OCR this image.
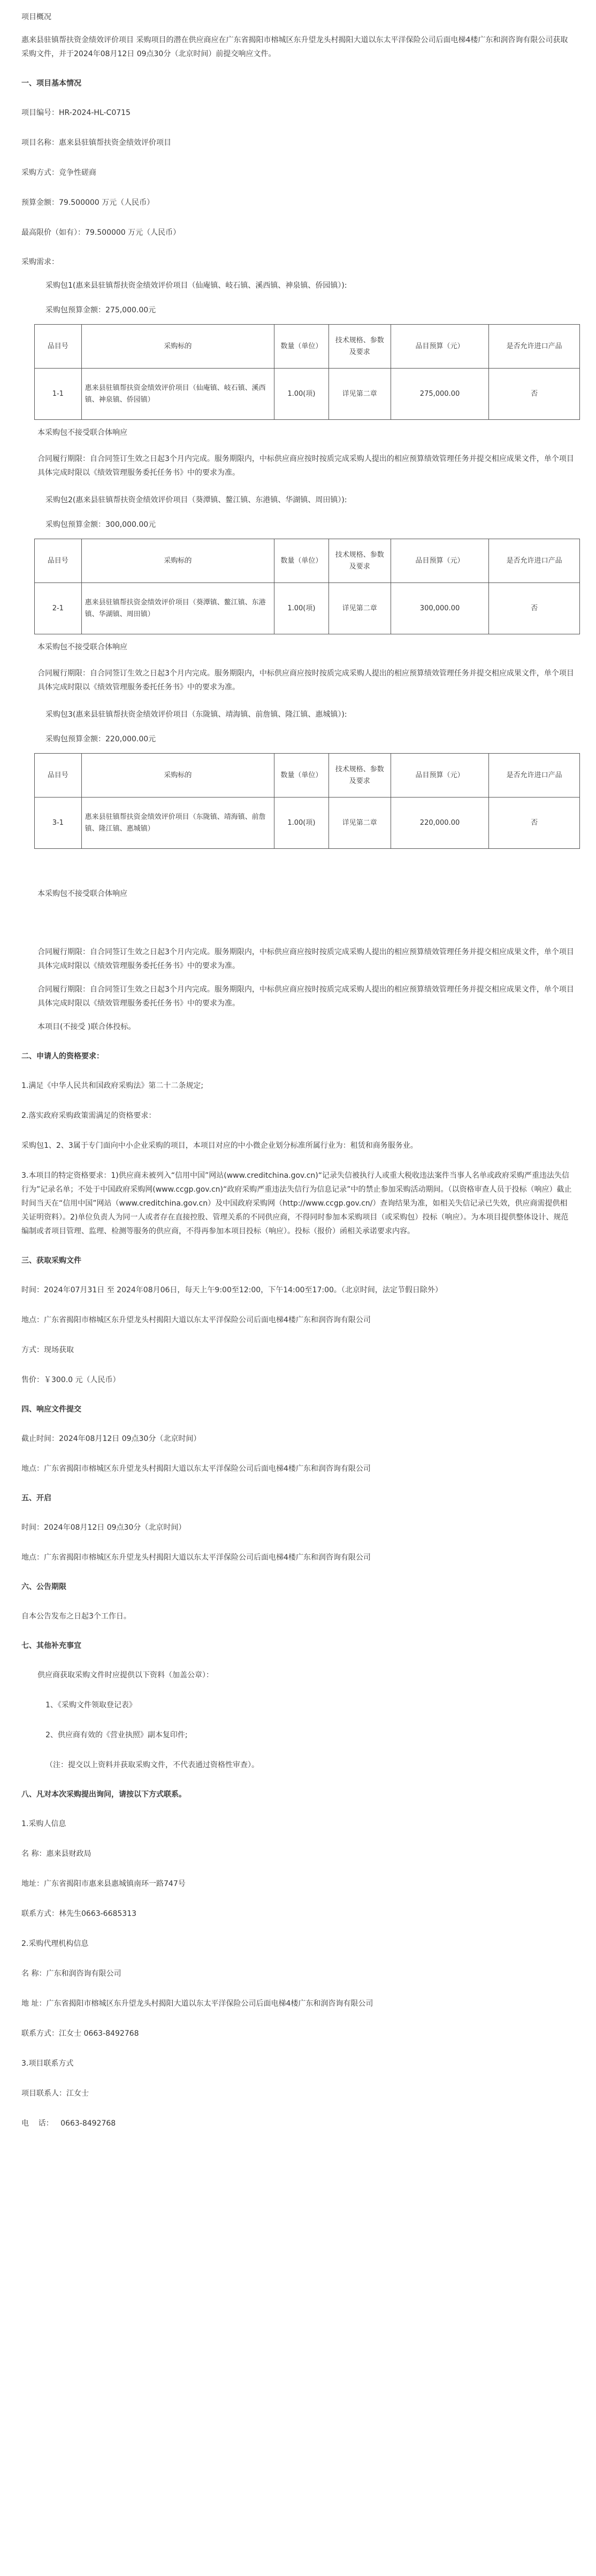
项目概况

惠来县驻镇帮扶资金绩效评价项目 采购项目的潜在供应商应在广东省揭阳市榕城区东升望龙头村揭阳大道以东太平洋保险公司后面电梯4楼广东和润咨询有限公司获取采购文件，并于2024年08月12日 09点30分（北京时间）前提交响应文件。

一、项目基本情况

项目编号：HR-2024-HL-C0715

项目名称：惠来县驻镇帮扶资金绩效评价项目

采购方式：竞争性磋商

预算金额：79.500000 万元（人民币）

最高限价（如有）：79.500000 万元（人民币）

采购需求：

采购包1(惠来县驻镇帮扶资金绩效评价项目（仙庵镇、岐石镇、溪西镇、神泉镇、侨园镇）):

采购包预算金额：275,000.00元

品目号	采购标的	数量（单位）	技术规格、参数及要求	品目预算（元）	是否允许进口产品
1-1	惠来县驻镇帮扶资金绩效评价项目（仙庵镇、岐石镇、溪西镇、神泉镇、侨园镇）	1.00(项)	详见第二章	275,000.00	否

本采购包不接受联合体响应

合同履行期限：自合同签订生效之日起3个月内完成。服务期限内，中标供应商应按时按质完成采购人提出的相应预算绩效管理任务并提交相应成果文件，单个项目具体完成时限以《绩效管理服务委托任务书》中的要求为准。

采购包2(惠来县驻镇帮扶资金绩效评价项目（葵潭镇、鳌江镇、东港镇、华湖镇、周田镇）):

采购包预算金额：300,000.00元

品目号	采购标的	数量（单位）	技术规格、参数及要求	品目预算（元）	是否允许进口产品
2-1	惠来县驻镇帮扶资金绩效评价项目（葵潭镇、鳌江镇、东港镇、华湖镇、周田镇）	1.00(项)	详见第二章	300,000.00	否

本采购包不接受联合体响应

合同履行期限：自合同签订生效之日起3个月内完成。服务期限内，中标供应商应按时按质完成采购人提出的相应预算绩效管理任务并提交相应成果文件，单个项目具体完成时限以《绩效管理服务委托任务书》中的要求为准。

采购包3(惠来县驻镇帮扶资金绩效评价项目（东陇镇、靖海镇、前詹镇、隆江镇、惠城镇）):

采购包预算金额：220,000.00元

品目号	采购标的	数量（单位）	技术规格、参数及要求	品目预算（元）	是否允许进口产品
3-1	惠来县驻镇帮扶资金绩效评价项目（东陇镇、靖海镇、前詹镇、隆江镇、惠城镇）	1.00(项)	详见第二章	220,000.00	否

本采购包不接受联合体响应

合同履行期限：自合同签订生效之日起3个月内完成。服务期限内，中标供应商应按时按质完成采购人提出的相应预算绩效管理任务并提交相应成果文件，单个项目具体完成时限以《绩效管理服务委托任务书》中的要求为准。

合同履行期限：自合同签订生效之日起3个月内完成。服务期限内，中标供应商应按时按质完成采购人提出的相应预算绩效管理任务并提交相应成果文件，单个项目具体完成时限以《绩效管理服务委托任务书》中的要求为准。

本项目(不接受 )联合体投标。

二、申请人的资格要求：

1.满足《中华人民共和国政府采购法》第二十二条规定;

2.落实政府采购政策需满足的资格要求：

采购包1、2、3属于专门面向中小企业采购的项目，本项目对应的中小微企业划分标准所属行业为：租赁和商务服务业。

3.本项目的特定资格要求：1)供应商未被列入“信用中国”网站(www.creditchina.gov.cn)“记录失信被执行人或重大税收违法案件当事人名单或政府采购严重违法失信行为”记录名单；不处于中国政府采购网(www.ccgp.gov.cn)“政府采购严重违法失信行为信息记录”中的禁止参加采购活动期间。（以资格审查人员于投标（响应）截止时间当天在“信用中国”网站（www.creditchina.gov.cn）及中国政府采购网（http://www.ccgp.gov.cn/）查询结果为准，如相关失信记录已失效，供应商需提供相关证明资料）。2)单位负责人为同一人或者存在直接控股、管理关系的不同供应商，不得同时参加本采购项目（或采购包）投标（响应）。为本项目提供整体设计、规范编制或者项目管理、监理、检测等服务的供应商，不得再参加本项目投标（响应）。投标（报价）函相关承诺要求内容。

三、获取采购文件

时间：2024年07月31日 至 2024年08月06日，每天上午9:00至12:00，下午14:00至17:00。（北京时间，法定节假日除外）

地点：广东省揭阳市榕城区东升望龙头村揭阳大道以东太平洋保险公司后面电梯4楼广东和润咨询有限公司

方式：现场获取

售价：￥300.0 元（人民币）

四、响应文件提交

截止时间：2024年08月12日 09点30分（北京时间）

地点：广东省揭阳市榕城区东升望龙头村揭阳大道以东太平洋保险公司后面电梯4楼广东和润咨询有限公司

五、开启

时间：2024年08月12日 09点30分（北京时间）

地点：广东省揭阳市榕城区东升望龙头村揭阳大道以东太平洋保险公司后面电梯4楼广东和润咨询有限公司

六、公告期限

自本公告发布之日起3个工作日。

七、其他补充事宜

供应商获取采购文件时应提供以下资料（加盖公章）：

1、《采购文件领取登记表》

2、供应商有效的《营业执照》副本复印件;

（注：提交以上资料并获取采购文件，不代表通过资格性审查）。

八、凡对本次采购提出询问，请按以下方式联系。

1.采购人信息

名 称：惠来县财政局

地址：广东省揭阳市惠来县惠城镇南环一路747号

联系方式：林先生0663-6685313

2.采购代理机构信息

名 称：广东和润咨询有限公司

地 址：广东省揭阳市榕城区东升望龙头村揭阳大道以东太平洋保险公司后面电梯4楼广东和润咨询有限公司

联系方式：江女士 0663-8492768

3.项目联系方式

项目联系人：江女士

电    话：   0663-8492768
